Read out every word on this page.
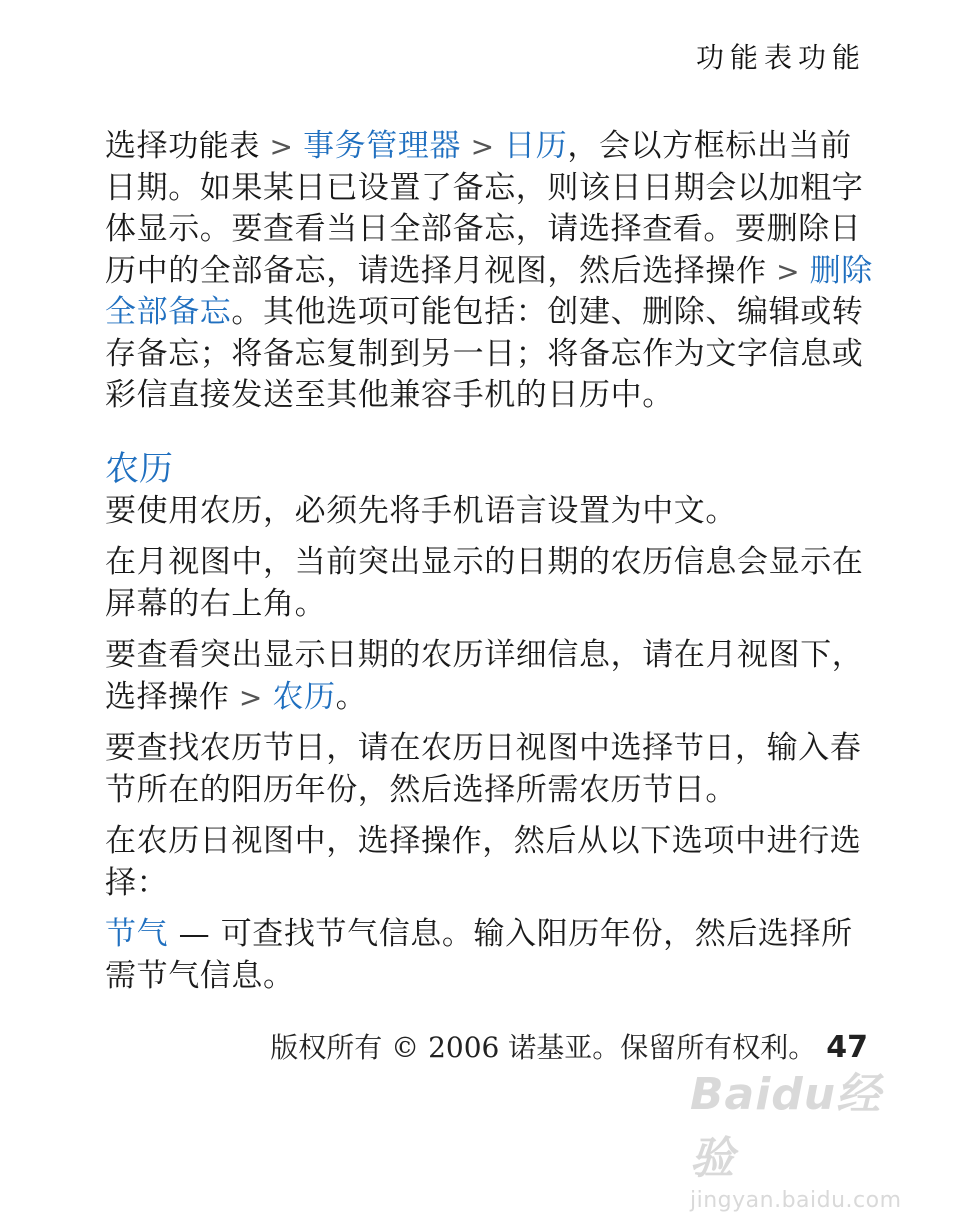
功能表功能

选择功能表 > 事务管理器 > 日历，会以方框标出当前日期。如果某日已设置了备忘，则该日日期会以加粗字体显示。要查看当日全部备忘，请选择查看。要删除日历中的全部备忘，请选择月视图，然后选择操作 > 删除全部备忘。其他选项可能包括：创建、删除、编辑或转存备忘；将备忘复制到另一日；将备忘作为文字信息或彩信直接发送至其他兼容手机的日历中。

农历

要使用农历，必须先将手机语言设置为中文。

在月视图中，当前突出显示的日期的农历信息会显示在屏幕的右上角。

要查看突出显示日期的农历详细信息，请在月视图下，选择操作 > 农历。

要查找农历节日，请在农历日视图中选择节日，输入春节所在的阳历年份，然后选择所需农历节日。

在农历日视图中，选择操作，然后从以下选项中进行选择：

节气 — 可查找节气信息。输入阳历年份，然后选择所需节气信息。

版权所有 © 2006 诺基亚。保留所有权利。 47
Baidu经验
jingyan.baidu.com
